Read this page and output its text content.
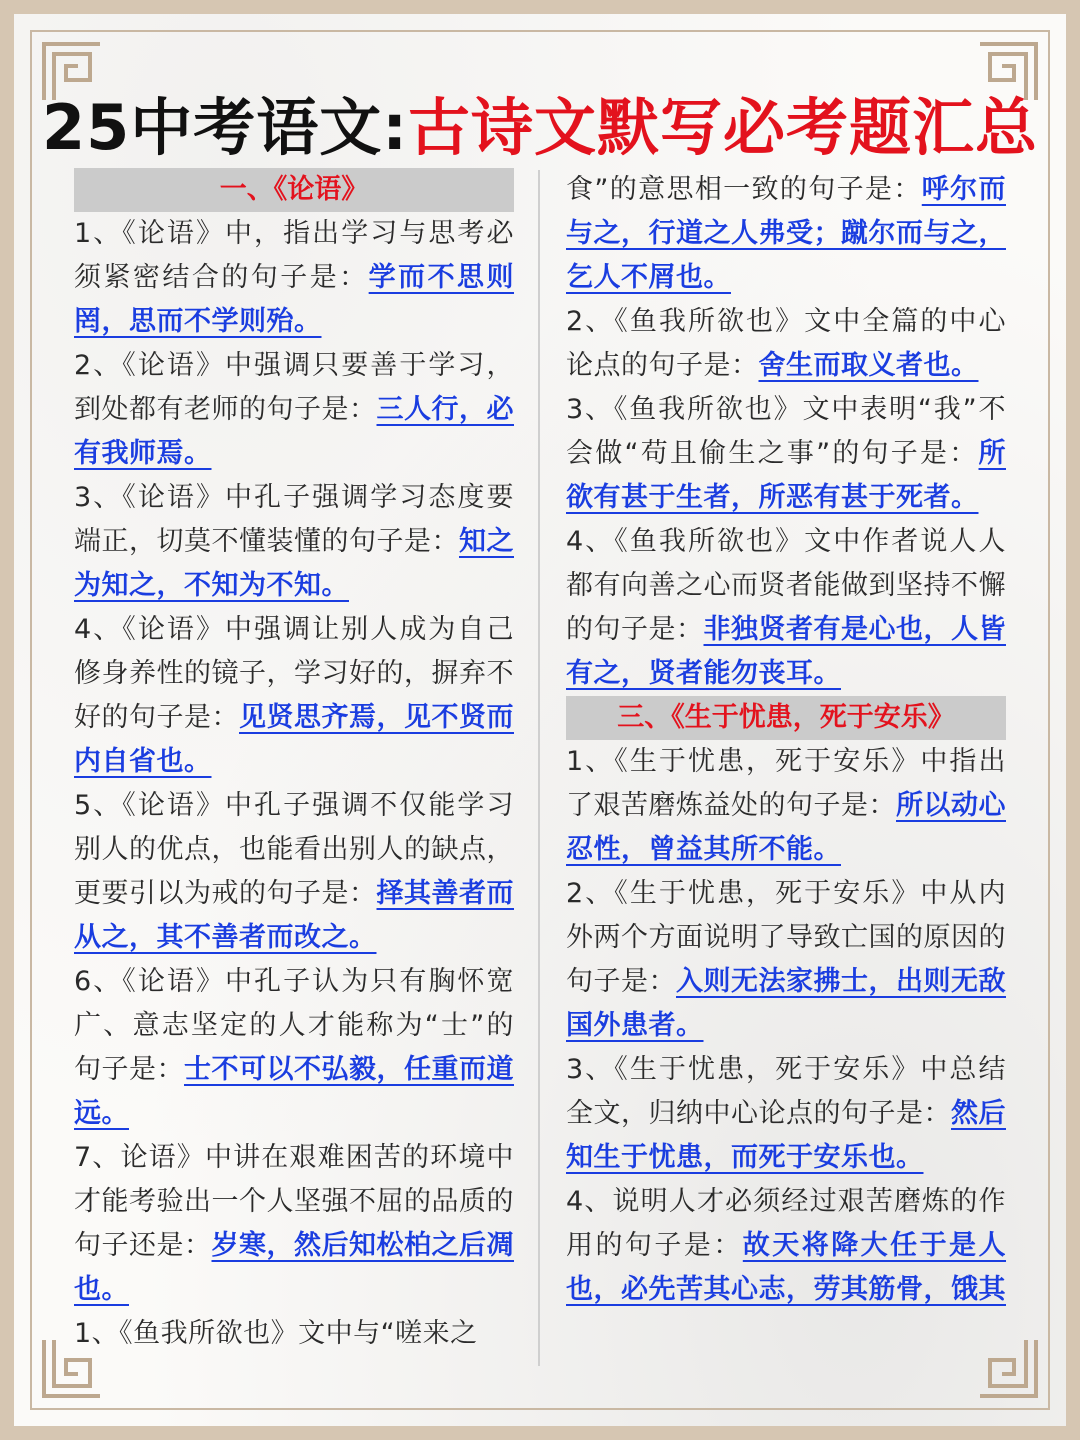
25中考语文:古诗文默写必考题汇总
一、《论语》
1、《论语》中，指出学习与思考必须紧密结合的句子是：学而不思则罔，思而不学则殆。
2、《论语》中强调只要善于学习，到处都有老师的句子是：三人行，必有我师焉。
3、《论语》中孔子强调学习态度要端正，切莫不懂装懂的句子是：知之为知之，不知为不知。
4、《论语》中强调让别人成为自己修身养性的镜子，学习好的，摒弃不好的句子是：见贤思齐焉，见不贤而内自省也。
5、《论语》中孔子强调不仅能学习别人的优点，也能看出别人的缺点，更要引以为戒的句子是：择其善者而从之，其不善者而改之。
6、《论语》中孔子认为只有胸怀宽广、意志坚定的人才能称为“士”的句子是：士不可以不弘毅，任重而道远。
7、论语》中讲在艰难困苦的环境中才能考验出一个人坚强不屈的品质的句子还是：岁寒，然后知松柏之后凋也。
1、《鱼我所欲也》文中与“嗟来之
食”的意思相一致的句子是：呼尔而与之，行道之人弗受；蹴尔而与之，乞人不屑也。
2、《鱼我所欲也》文中全篇的中心论点的句子是：舍生而取义者也。
3、《鱼我所欲也》文中表明“我”不会做“苟且偷生之事”的句子是：所欲有甚于生者，所恶有甚于死者。
4、《鱼我所欲也》文中作者说人人都有向善之心而贤者能做到坚持不懈的句子是：非独贤者有是心也，人皆有之，贤者能勿丧耳。
三、《生于忧患，死于安乐》
1、《生于忧患，死于安乐》中指出了艰苦磨炼益处的句子是：所以动心忍性，曾益其所不能。
2、《生于忧患，死于安乐》中从内外两个方面说明了导致亡国的原因的句子是：入则无法家拂士，出则无敌国外患者。
3、《生于忧患，死于安乐》中总结全文，归纳中心论点的句子是：然后知生于忧患，而死于安乐也。
4、说明人才必须经过艰苦磨炼的作用的句子是：故天将降大任于是人也，必先苦其心志，劳其筋骨，饿其
